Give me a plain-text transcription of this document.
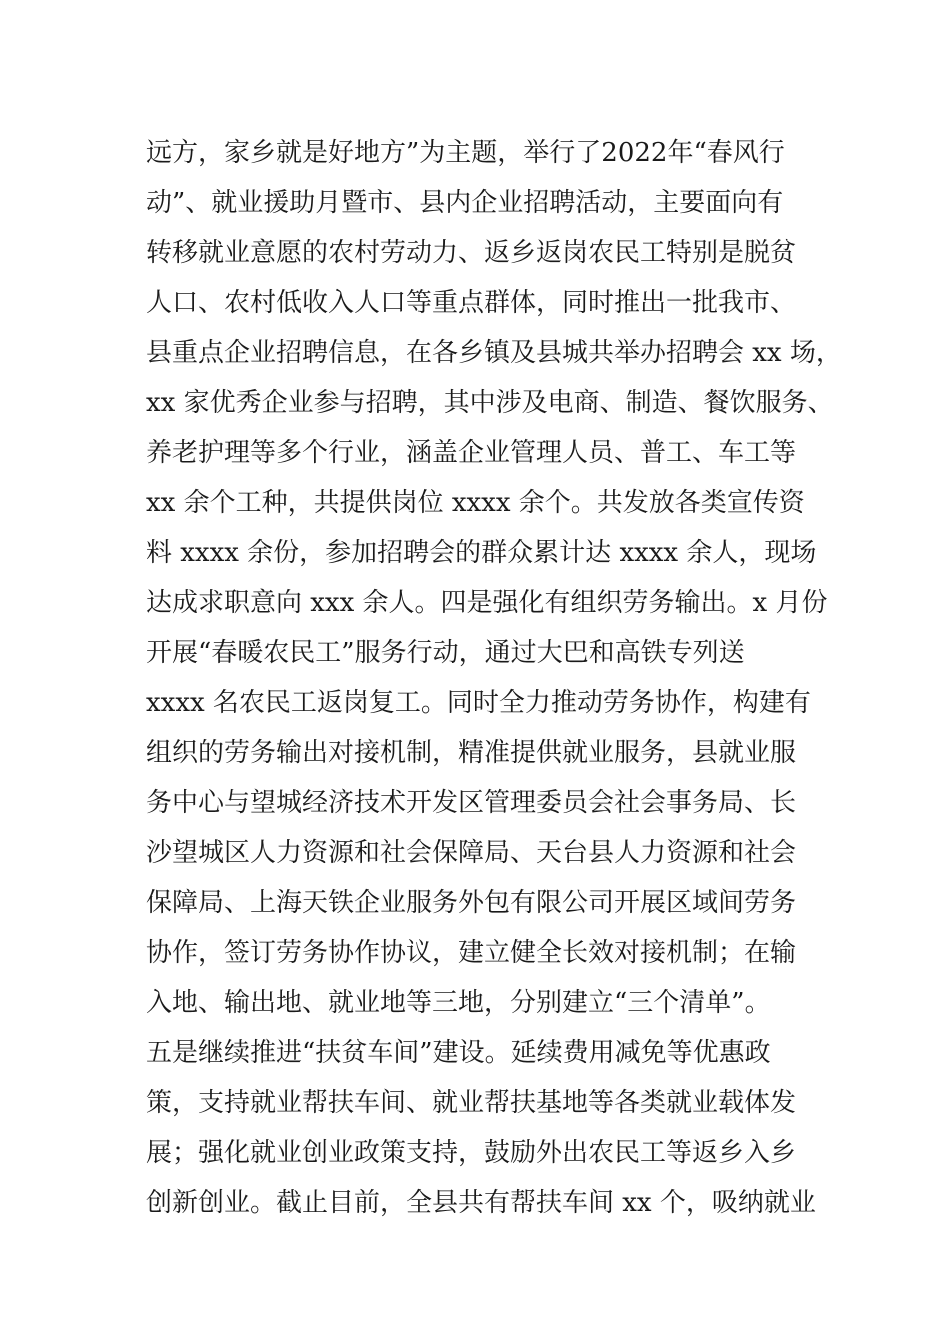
远方，家乡就是好地方”为主题，举行了2022年“春风行
动”、就业援助月暨市、县内企业招聘活动，主要面向有
转移就业意愿的农村劳动力、返乡返岗农民工特别是脱贫
人口、农村低收入人口等重点群体，同时推出一批我市、
县重点企业招聘信息，在各乡镇及县城共举办招聘会 xx 场，
xx 家优秀企业参与招聘，其中涉及电商、制造、餐饮服务、
养老护理等多个行业，涵盖企业管理人员、普工、车工等
xx 余个工种，共提供岗位 xxxx 余个。共发放各类宣传资
料 xxxx 余份，参加招聘会的群众累计达 xxxx 余人，现场
达成求职意向 xxx 余人。四是强化有组织劳务输出。x 月份
开展“春暖农民工”服务行动，通过大巴和高铁专列送
xxxx 名农民工返岗复工。同时全力推动劳务协作，构建有
组织的劳务输出对接机制，精准提供就业服务，县就业服
务中心与望城经济技术开发区管理委员会社会事务局、长
沙望城区人力资源和社会保障局、天台县人力资源和社会
保障局、上海天铁企业服务外包有限公司开展区域间劳务
协作，签订劳务协作协议，建立健全长效对接机制；在输
入地、输出地、就业地等三地，分别建立“三个清单”。
五是继续推进“扶贫车间”建设。延续费用减免等优惠政
策，支持就业帮扶车间、就业帮扶基地等各类就业载体发
展；强化就业创业政策支持，鼓励外出农民工等返乡入乡
创新创业。截止目前，全县共有帮扶车间 xx 个，吸纳就业
